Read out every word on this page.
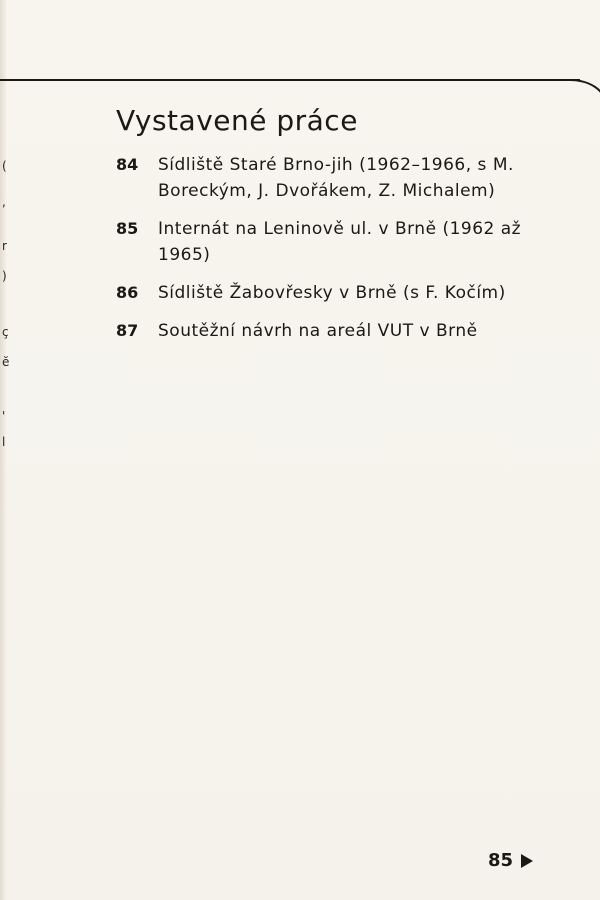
(
,
r
)
ç
ĕ
'
l
Vystavené práce
84	Sídliště Staré Brno-jih (1962–1966, s M. Boreckým, J. Dvořákem, Z. Michalem)
85	Internát na Leninově ul. v Brně (1962 až 1965)
86	Sídliště Žabovřesky v Brně (s F. Kočím)
87	Soutěžní návrh na areál VUT v Brně
85
